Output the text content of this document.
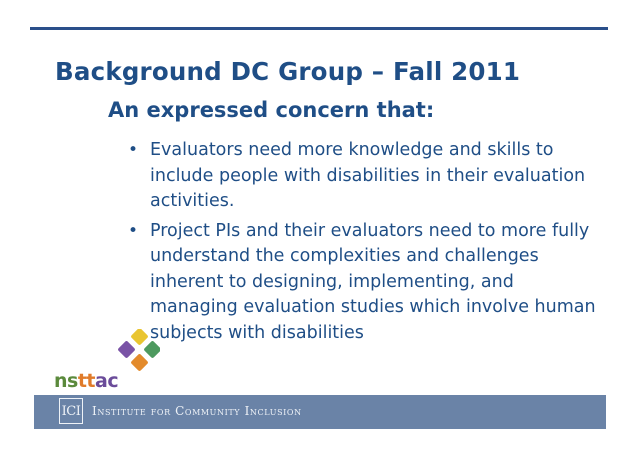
Background DC Group – Fall 2011

An expressed concern that:

• Evaluators need more knowledge and skills to include people with disabilities in their evaluation activities.
• Project PIs and their evaluators need to more fully understand the complexities and challenges inherent to designing, implementing, and managing evaluation studies which involve human subjects with disabilities
nsttac
ICI Institute for Community Inclusion
